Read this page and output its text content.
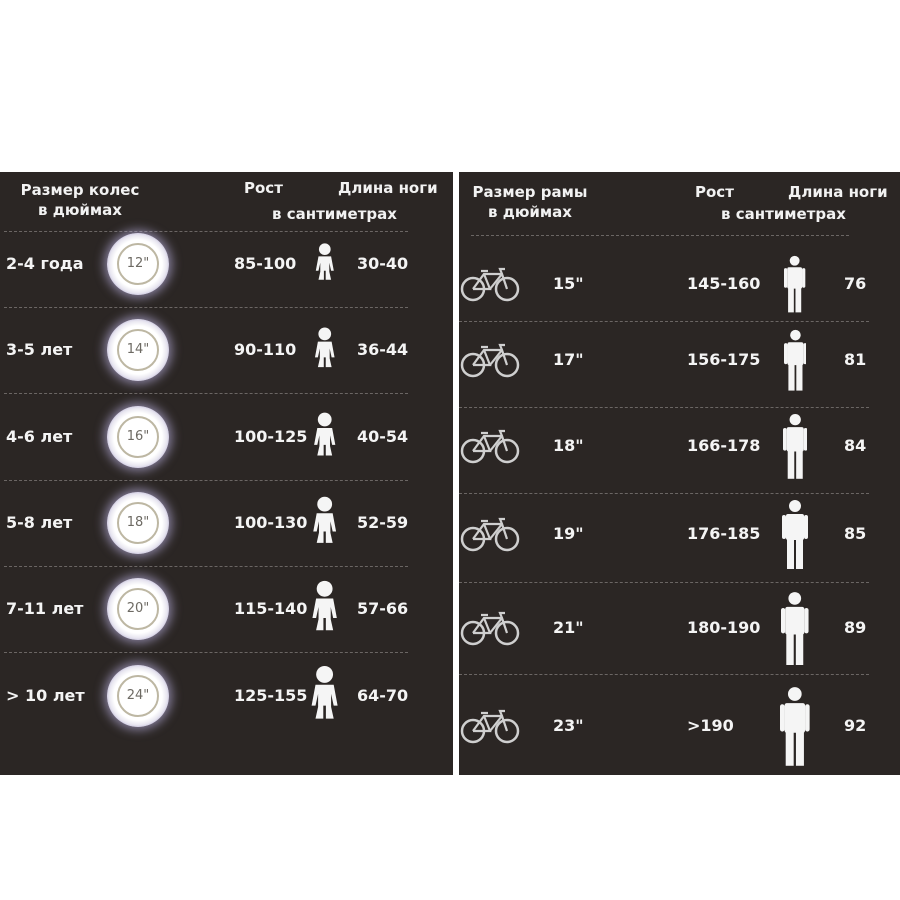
Размер колес
в дюймах
Рост	Длина ноги
в сантиметрах
2-4 года	12"	85-100	30-40
3-5 лет	14"	90-110	36-44
4-6 лет	16"	100-125	40-54
5-8 лет	18"	100-130	52-59
7-11 лет	20"	115-140	57-66
> 10 лет	24"	125-155	64-70
Размер рамы
в дюймах
Рост	Длина ноги
в сантиметрах
15"	145-160	76
17"	156-175	81
18"	166-178	84
19"	176-185	85
21"	180-190	89
23"	>190	92
